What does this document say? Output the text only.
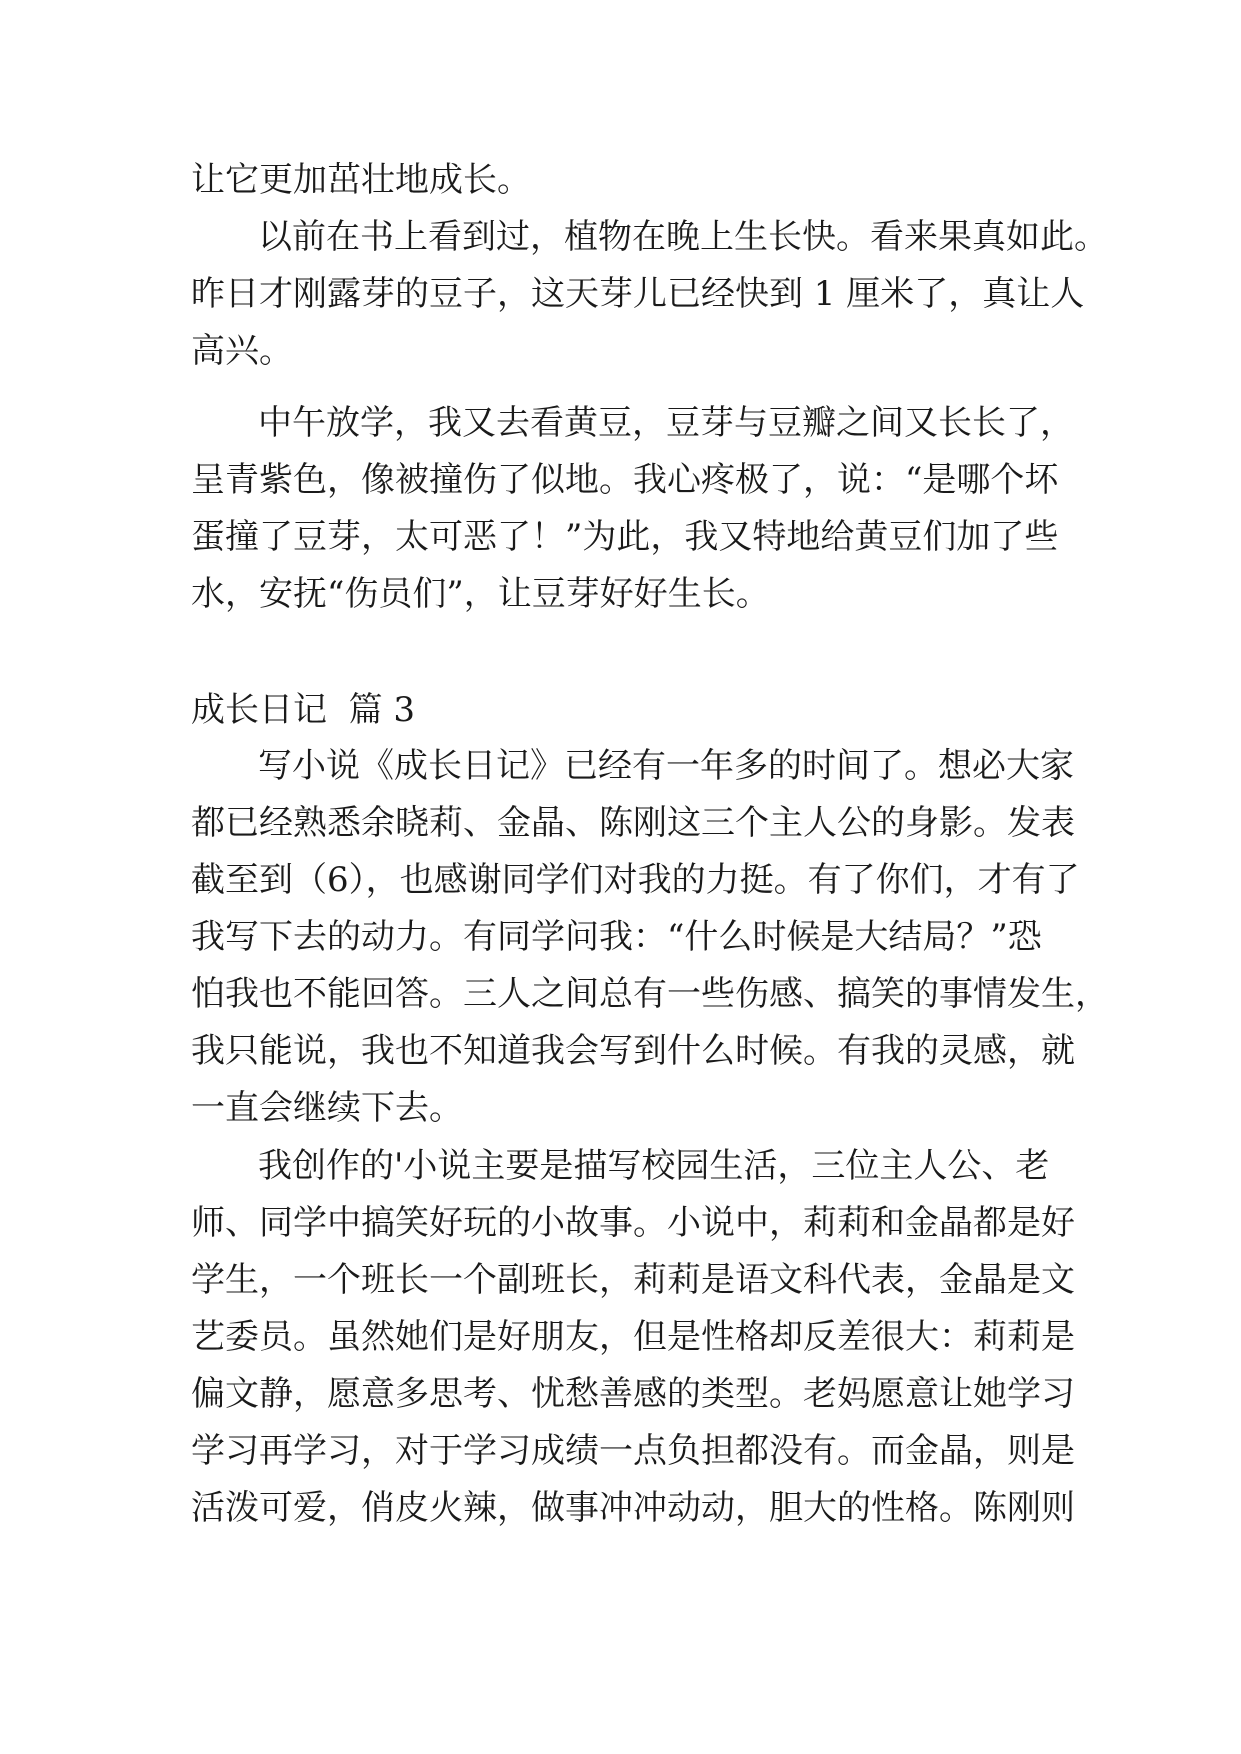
让它更加茁壮地成长。
以前在书上看到过，植物在晚上生长快。看来果真如此。
昨日才刚露芽的豆子，这天芽儿已经快到 1 厘米了，真让人
高兴。
中午放学，我又去看黄豆，豆芽与豆瓣之间又长长了，
呈青紫色，像被撞伤了似地。我心疼极了，说：“是哪个坏
蛋撞了豆芽，太可恶了！”为此，我又特地给黄豆们加了些
水，安抚“伤员们”，让豆芽好好生长。
成长日记  篇 3
写小说《成长日记》已经有一年多的时间了。想必大家
都已经熟悉余晓莉、金晶、陈刚这三个主人公的身影。发表
截至到（6），也感谢同学们对我的力挺。有了你们，才有了
我写下去的动力。有同学问我：“什么时候是大结局？”恐
怕我也不能回答。三人之间总有一些伤感、搞笑的事情发生，
我只能说，我也不知道我会写到什么时候。有我的灵感，就
一直会继续下去。
我创作的'小说主要是描写校园生活，三位主人公、老
师、同学中搞笑好玩的小故事。小说中，莉莉和金晶都是好
学生，一个班长一个副班长，莉莉是语文科代表，金晶是文
艺委员。虽然她们是好朋友，但是性格却反差很大：莉莉是
偏文静，愿意多思考、忧愁善感的类型。老妈愿意让她学习
学习再学习，对于学习成绩一点负担都没有。而金晶，则是
活泼可爱，俏皮火辣，做事冲冲动动，胆大的性格。陈刚则
